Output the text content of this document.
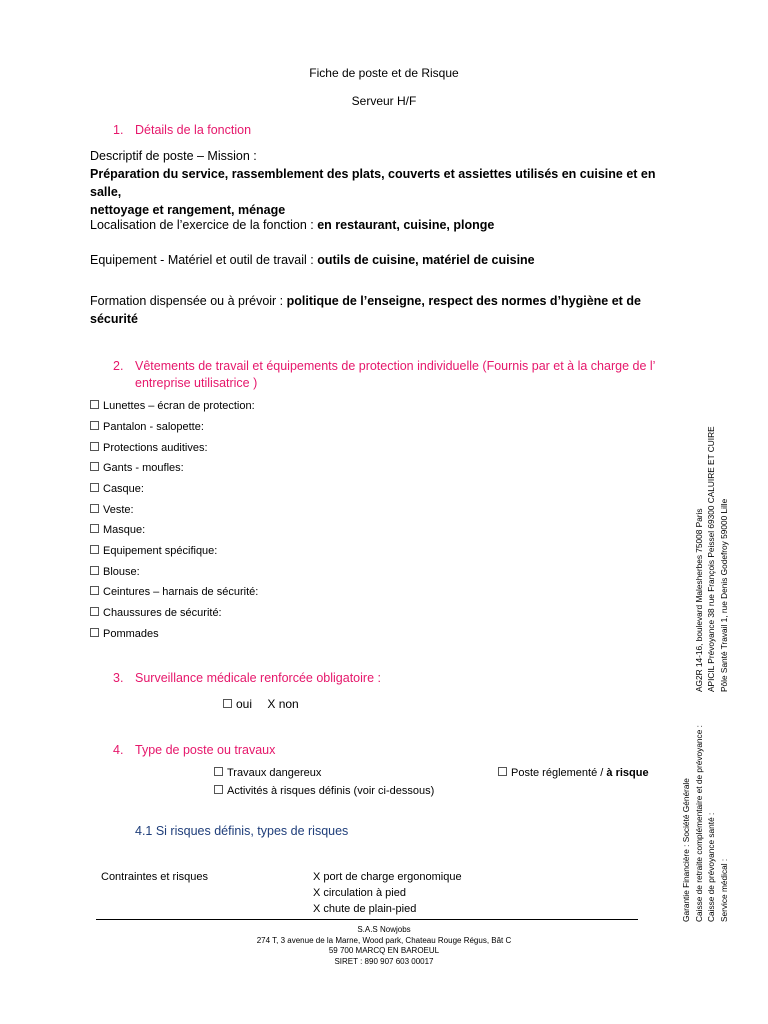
Fiche de poste et de Risque
Serveur H/F
1. Détails de la fonction
Descriptif de poste – Mission :
Préparation du service, rassemblement des plats, couverts et assiettes utilisés en cuisine et en salle,
nettoyage et rangement, ménage
Localisation de l’exercice de la fonction : en restaurant, cuisine, plonge
Equipement - Matériel et outil de travail : outils de cuisine, matériel de cuisine
Formation dispensée ou à prévoir : politique de l’enseigne, respect des normes d’hygiène et de
sécurité
2. Vêtements de travail et équipements de protection individuelle (Fournis par et à la charge de l’
entreprise utilisatrice )
Lunettes – écran de protection:
Pantalon - salopette:
Protections auditives:
Gants - moufles:
Casque:
Veste:
Masque:
Equipement spécifique:
Blouse:
Ceintures – harnais de sécurité:
Chaussures de sécurité:
Pommades
3. Surveillance médicale renforcée obligatoire :
oui X non
4. Type de poste ou travaux
Travaux dangereux
Activités à risques définis (voir ci-dessous)
Poste réglementé / à risque
4.1 Si risques définis, types de risques
Contraintes et risques	X port de charge ergonomique
X circulation à pied
X chute de plain-pied
S.A.S Nowjobs
274 T, 3 avenue de la Marne, Wood park, Chateau Rouge Régus, Bât C
59 700 MARCQ EN BAROEUL
SIRET : 890 907 603 00017
Garantie Financière : Société Générale Caisse de retraite complémentaire et de prévoyance : Caisse de prévoyance santé : Service médical :

AG2R 14-16, boulevard Malesherbes 75008 Paris APICIL Prévoyance 38 rue François Peissel 69300 CALUIRE ET CUIRE Pôle Santé Travail 1, rue Denis Godefroy 59000 Lille
